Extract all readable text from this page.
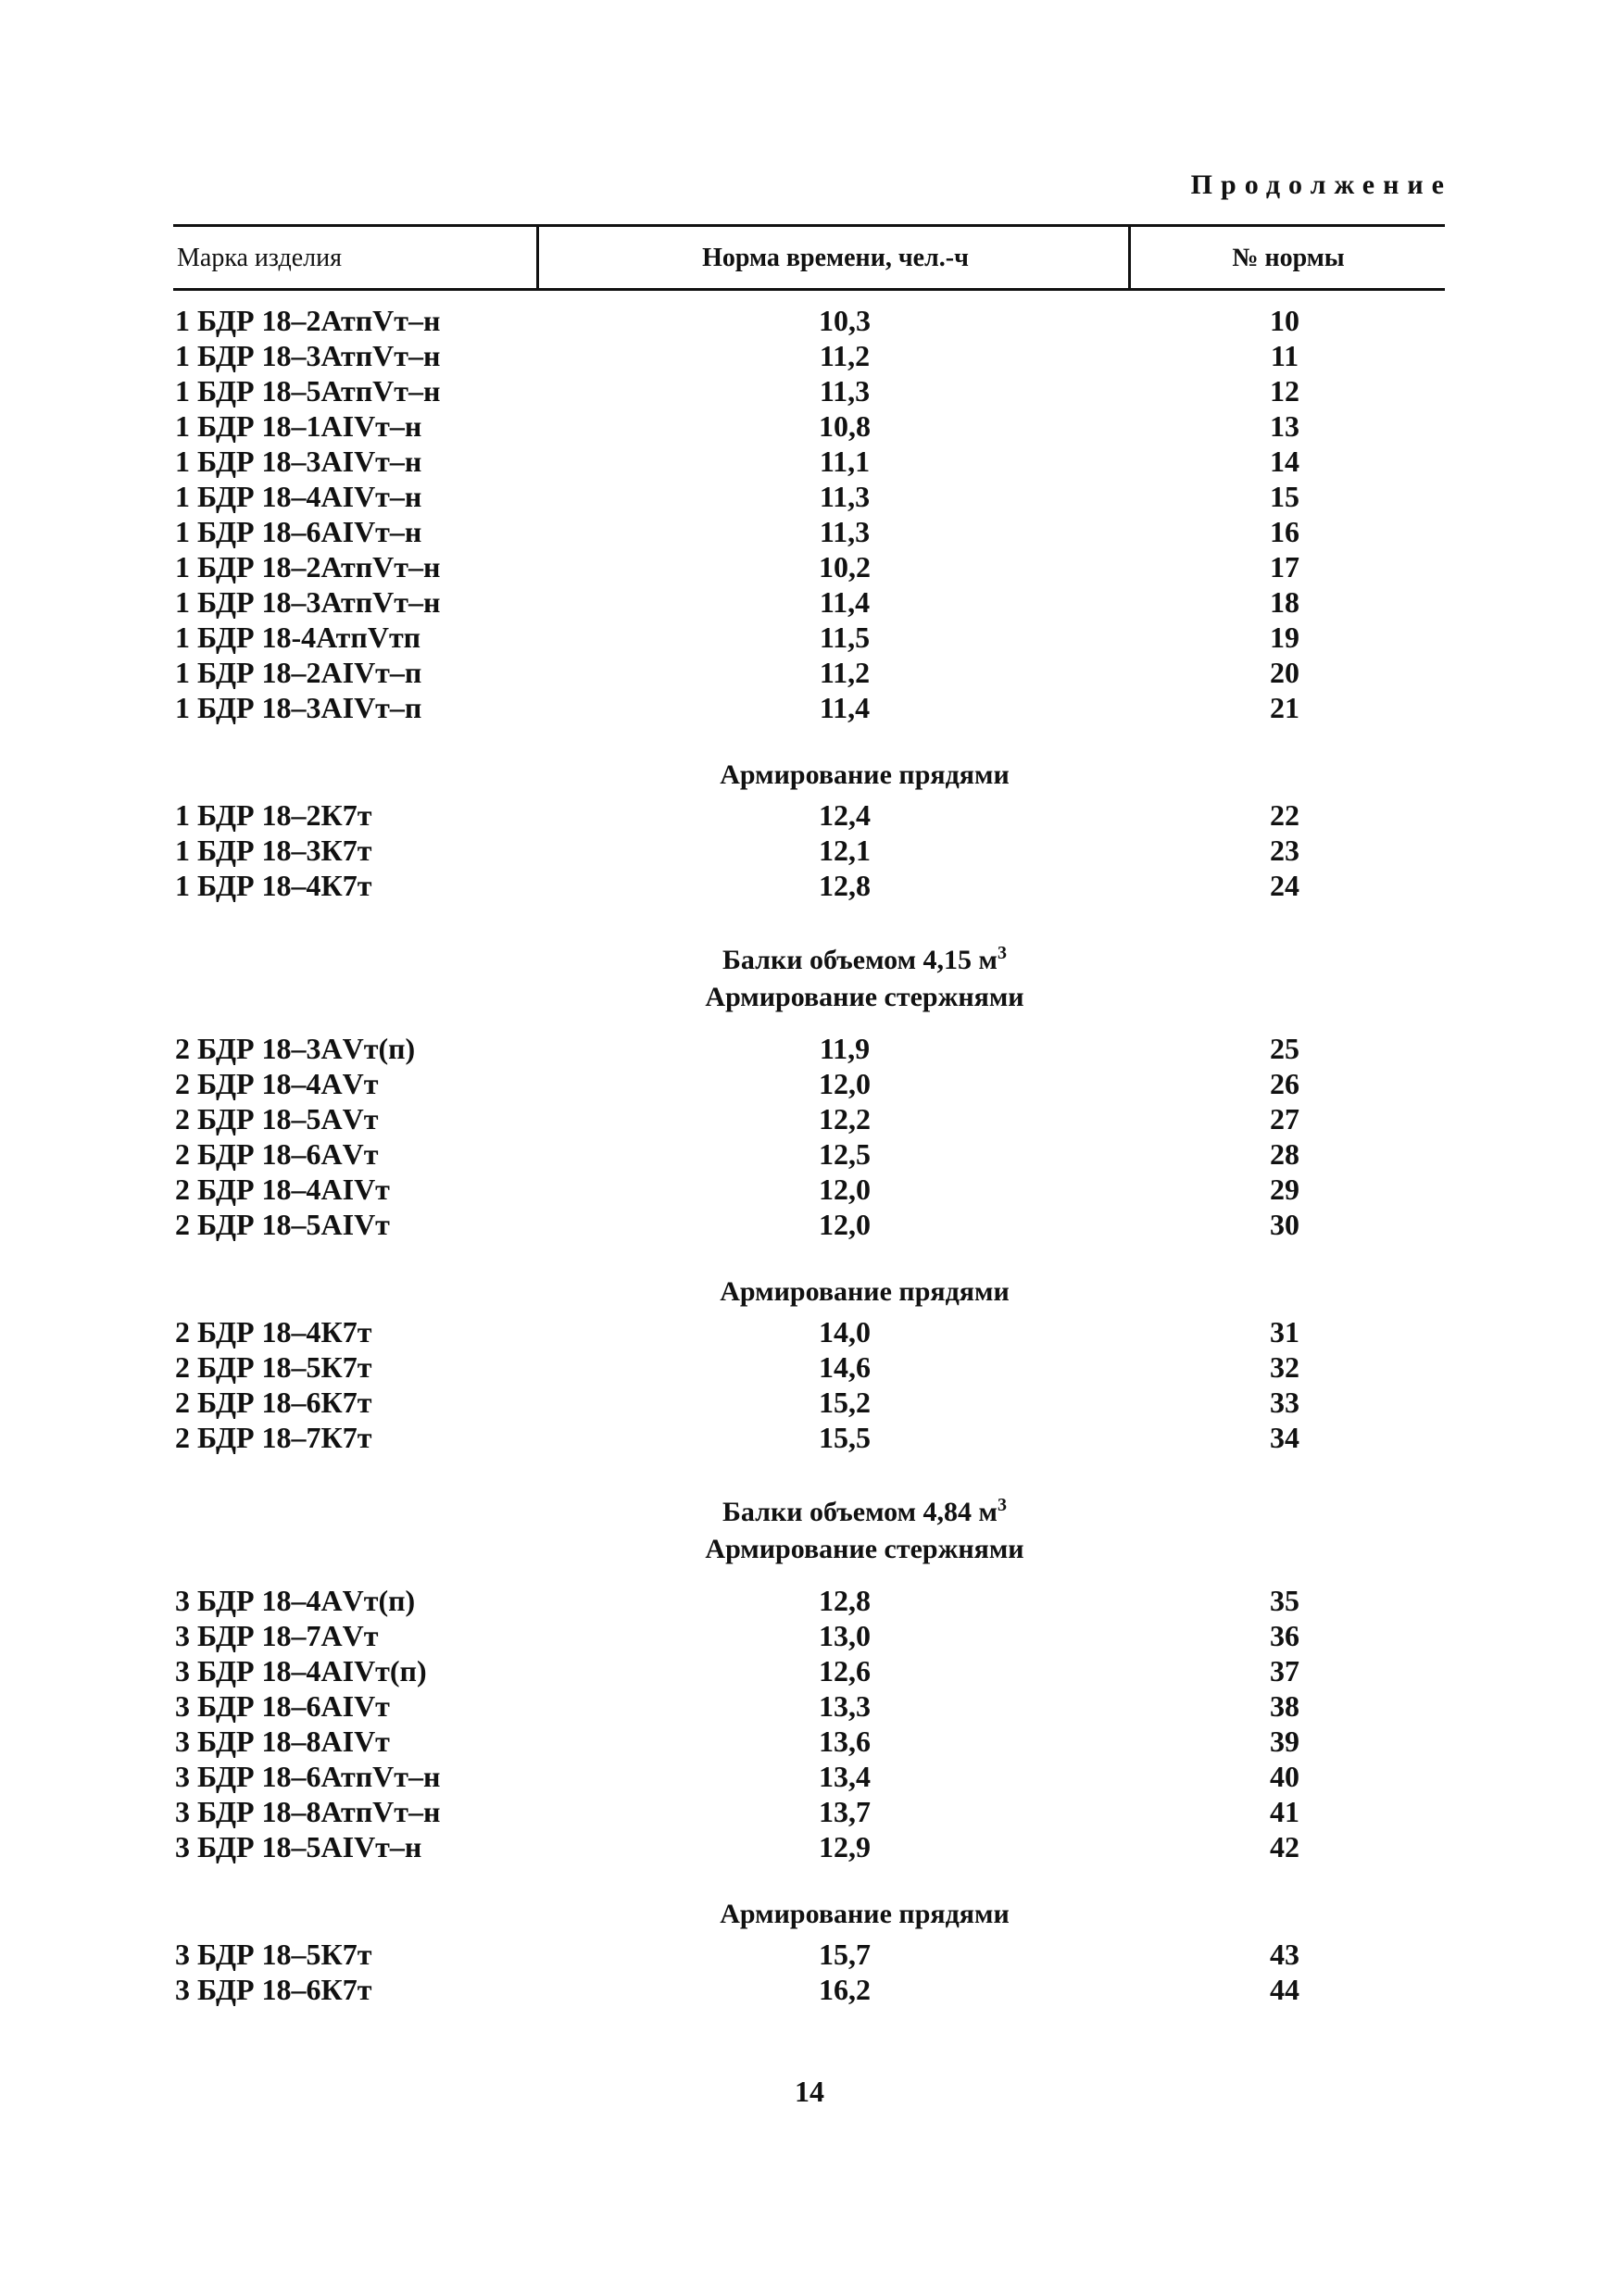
Продолжение
Марка изделия	Норма времени, чел.-ч	№ нормы
1 БДР 18–2АтпVт–н	10,3	10
1 БДР 18–3АтпVт–н	11,2	11
1 БДР 18–5АтпVт–н	11,3	12
1 БДР 18–1АIVт–н	10,8	13
1 БДР 18–3АIVт–н	11,1	14
1 БДР 18–4АIVт–н	11,3	15
1 БДР 18–6АIVт–н	11,3	16
1 БДР 18–2АтпVт–н	10,2	17
1 БДР 18–3АтпVт–н	11,4	18
1 БДР 18-4АтпVтп	11,5	19
1 БДР 18–2АIVт–п	11,2	20
1 БДР 18–3АIVт–п	11,4	21
Армирование прядями
1 БДР 18–2К7т	12,4	22
1 БДР 18–3К7т	12,1	23
1 БДР 18–4К7т	12,8	24
Балки объемом 4,15 $м^3$
Армирование стержнями
2 БДР 18–3АVт(п)	11,9	25
2 БДР 18–4АVт	12,0	26
2 БДР 18–5АVт	12,2	27
2 БДР 18–6АVт	12,5	28
2 БДР 18–4АIVт	12,0	29
2 БДР 18–5АIVт	12,0	30
Армирование прядями
2 БДР 18–4К7т	14,0	31
2 БДР 18–5К7т	14,6	32
2 БДР 18–6К7т	15,2	33
2 БДР 18–7К7т	15,5	34
Балки объемом 4,84 $м^3$
Армирование стержнями
3 БДР 18–4АVт(п)	12,8	35
3 БДР 18–7АVт	13,0	36
3 БДР 18–4АIVт(п)	12,6	37
3 БДР 18–6АIVт	13,3	38
3 БДР 18–8АIVт	13,6	39
3 БДР 18–6АтпVт–н	13,4	40
3 БДР 18–8АтпVт–н	13,7	41
3 БДР 18–5АIVт–н	12,9	42
Армирование прядями
3 БДР 18–5К7т	15,7	43
3 БДР 18–6К7т	16,2	44
14
